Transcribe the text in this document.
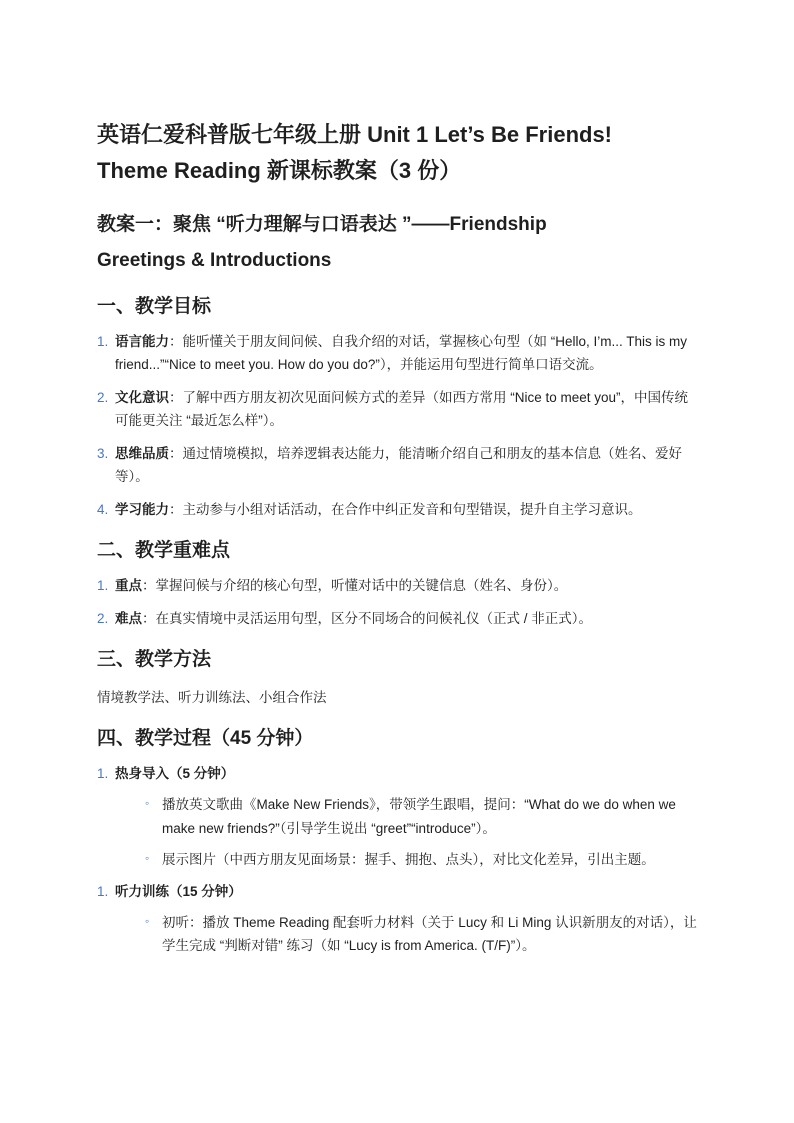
英语仁爱科普版七年级上册 Unit 1 Let’s Be Friends!
Theme Reading 新课标教案（3 份）
教案一：聚焦 “听力理解与口语表达 ”——Friendship
Greetings & Introductions
一、教学目标
1. 语言能力：能听懂关于朋友间问候、自我介绍的对话，掌握核心句型（如 “Hello, I’m... This is my friend...”“Nice to meet you. How do you do?”），并能运用句型进行简单口语交流。
2. 文化意识：了解中西方朋友初次见面问候方式的差异（如西方常用 “Nice to meet you”，中国传统可能更关注 “最近怎么样”）。
3. 思维品质：通过情境模拟，培养逻辑表达能力，能清晰介绍自己和朋友的基本信息（姓名、爱好等）。
4. 学习能力：主动参与小组对话活动，在合作中纠正发音和句型错误，提升自主学习意识。
二、教学重难点
1. 重点：掌握问候与介绍的核心句型，听懂对话中的关键信息（姓名、身份）。
2. 难点：在真实情境中灵活运用句型，区分不同场合的问候礼仪（正式 / 非正式）。
三、教学方法

情境教学法、听力训练法、小组合作法

四、教学过程（45 分钟）
1. 热身导入（5 分钟）
◦ 播放英文歌曲《Make New Friends》，带领学生跟唱，提问：“What do we do when we make new friends?”（引导学生说出 “greet”“introduce”）。
◦ 展示图片（中西方朋友见面场景：握手、拥抱、点头），对比文化差异，引出主题。
1. 听力训练（15 分钟）
◦ 初听：播放 Theme Reading 配套听力材料（关于 Lucy 和 Li Ming 认识新朋友的对话），让学生完成 “判断对错” 练习（如 “Lucy is from America. (T/F)”）。
